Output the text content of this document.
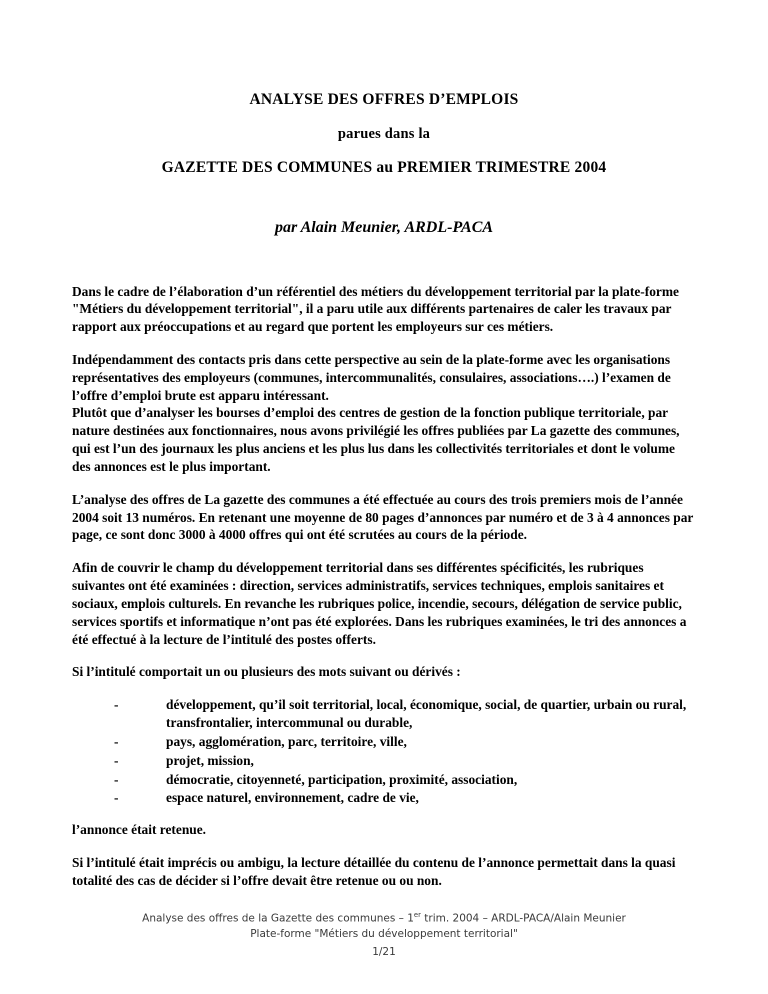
ANALYSE DES OFFRES D’EMPLOIS

parues dans la

GAZETTE DES COMMUNES au PREMIER TRIMESTRE 2004

par Alain Meunier, ARDL-PACA

Dans le cadre de l’élaboration d’un référentiel des métiers du développement territorial par la plate-forme "Métiers du développement territorial", il a paru utile aux différents partenaires de caler les travaux par rapport aux préoccupations et au regard que portent les employeurs sur ces métiers.

Indépendamment des contacts pris dans cette perspective au sein de la plate-forme avec les organisations représentatives des employeurs (communes, intercommunalités, consulaires, associations….) l’examen de l’offre d’emploi brute est apparu intéressant.

Plutôt que d’analyser les bourses d’emploi des centres de gestion de la fonction publique territoriale, par nature destinées aux fonctionnaires, nous avons privilégié les offres publiées par La gazette des communes, qui est l’un des journaux les plus anciens et les plus lus dans les collectivités territoriales et dont le volume des annonces est le plus important.

L’analyse des offres de La gazette des communes a été effectuée au cours des trois premiers mois de l’année 2004 soit 13 numéros. En retenant une moyenne de 80 pages d’annonces par numéro et de 3 à 4 annonces par page, ce sont donc 3000 à 4000 offres qui ont été scrutées au cours de la période.

Afin de couvrir le champ du développement territorial dans ses différentes spécificités, les rubriques suivantes ont été examinées : direction, services administratifs, services techniques, emplois sanitaires et sociaux, emplois culturels. En revanche les rubriques police, incendie, secours, délégation de service public, services sportifs et informatique n’ont pas été explorées. Dans les rubriques examinées, le tri des annonces a été effectué à la lecture de l’intitulé des postes offerts.

Si l’intitulé comportait un ou plusieurs des mots suivant ou dérivés :

-	développement, qu’il soit territorial, local, économique, social, de quartier, urbain ou rural, transfrontalier, intercommunal ou durable,
-	pays, agglomération, parc, territoire, ville,
-	projet, mission,
-	démocratie, citoyenneté, participation, proximité, association,
-	espace naturel, environnement, cadre de vie,

l’annonce était retenue.

Si l’intitulé était imprécis ou ambigu, la lecture détaillée du contenu de l’annonce permettait dans la quasi totalité des cas de décider si l’offre devait être retenue ou ou non.

Analyse des offres de la Gazette des communes – 1er trim. 2004 – ARDL-PACA/Alain Meunier
Plate-forme "Métiers du développement territorial"
1/21
